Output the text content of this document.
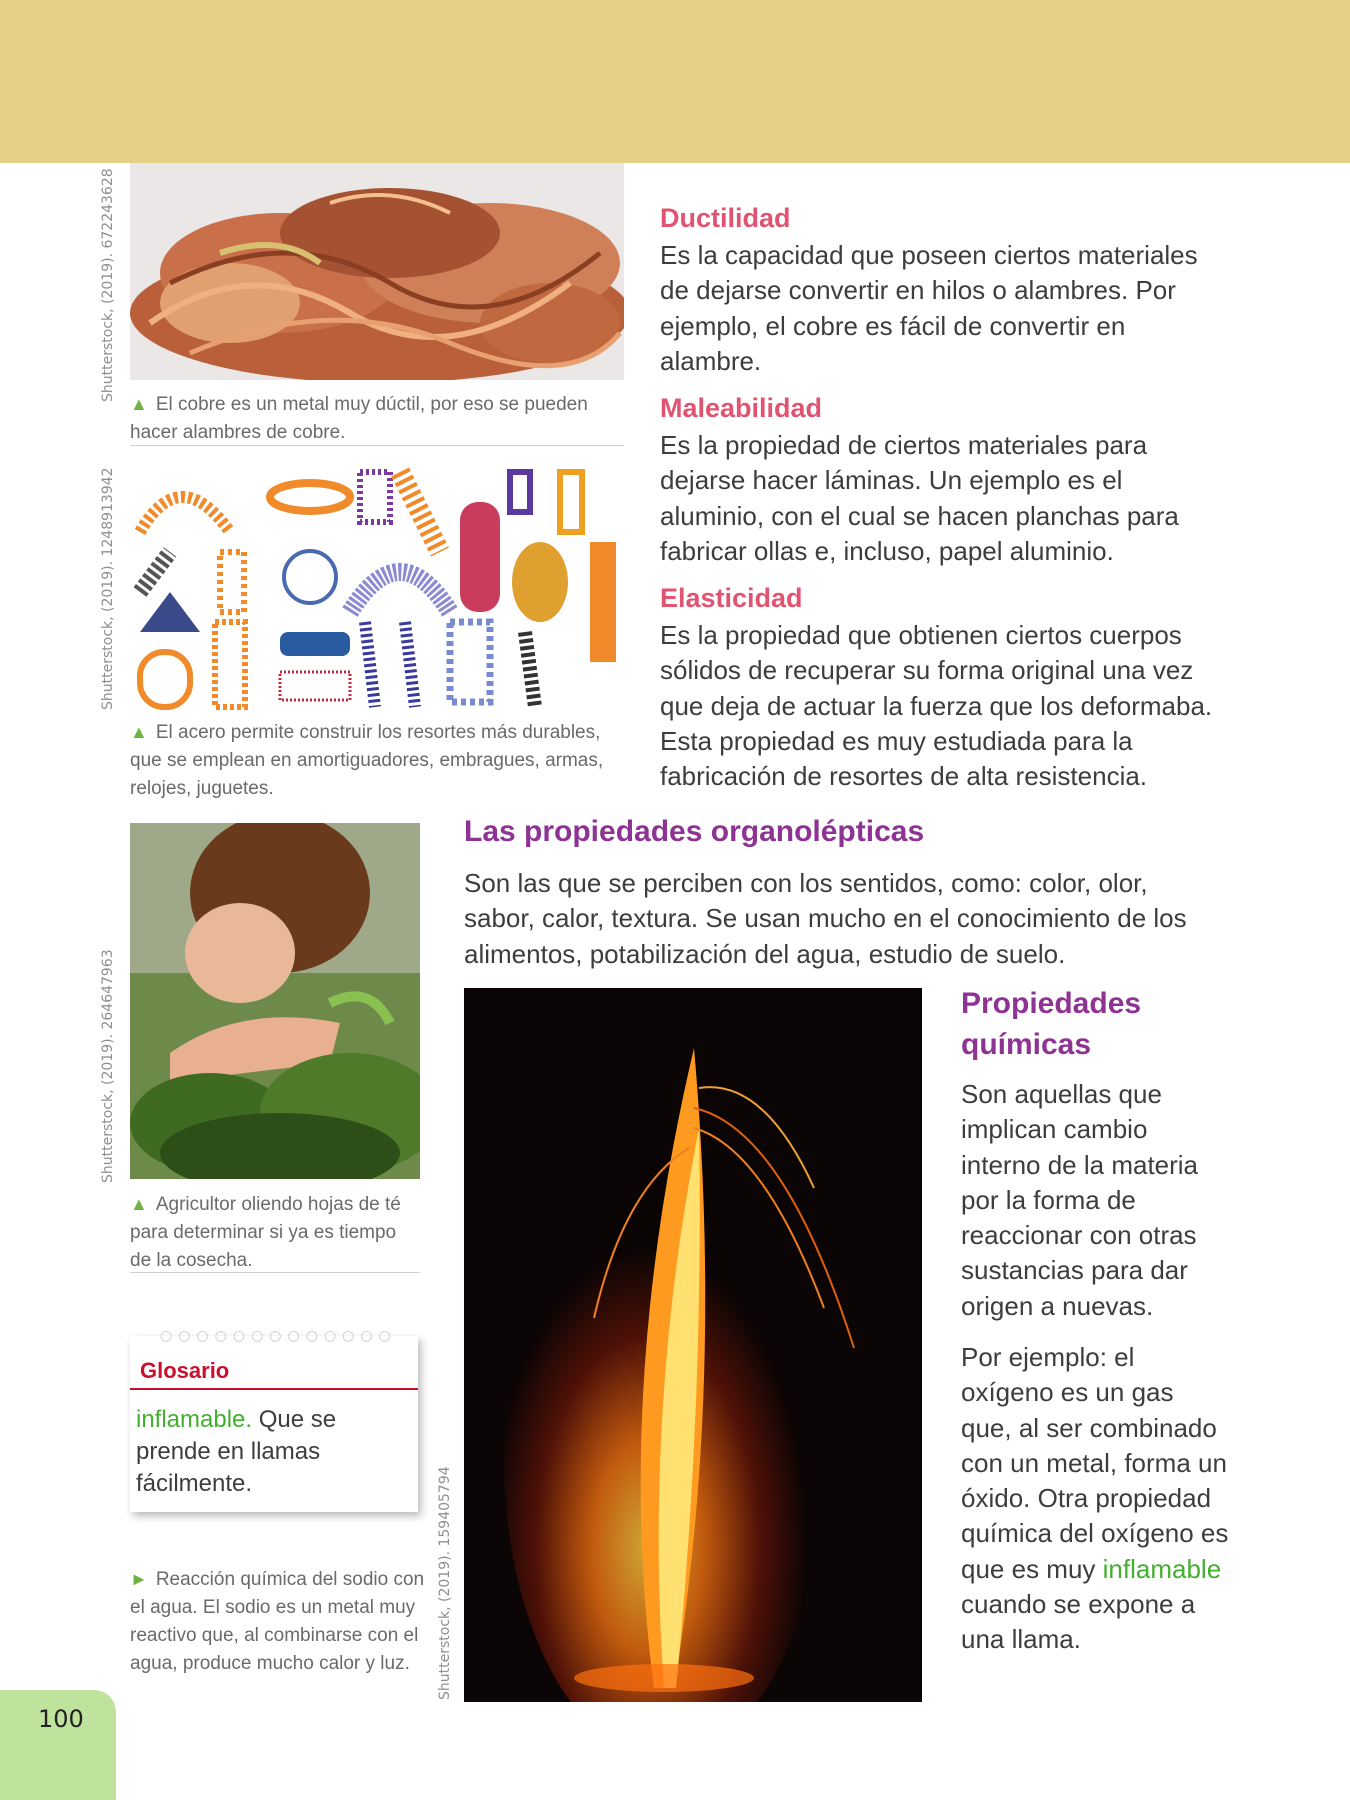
Shutterstock, (2019). 672243628
▲ El cobre es un metal muy dúctil, por eso se pueden hacer alambres de cobre.
Shutterstock, (2019). 1248913942
▲ El acero permite construir los resortes más durables, que se emplean en amortiguadores, embragues, armas, relojes, juguetes.
Shutterstock, (2019). 264647963
▲ Agricultor oliendo hojas de té para determinar si ya es tiempo de la cosecha.
○○○○○○○○○○○○○
Glosario
inflamable. Que se prende en llamas fácilmente.
► Reacción química del sodio con el agua. El sodio es un metal muy reactivo que, al combinarse con el agua, produce mucho calor y luz.	Shutterstock, (2019). 159405794
Ductilidad
Es la capacidad que poseen ciertos materiales de dejarse convertir en hilos o alambres. Por ejemplo, el cobre es fácil de convertir en alambre.
Maleabilidad
Es la propiedad de ciertos materiales para dejarse hacer láminas. Un ejemplo es el aluminio, con el cual se hacen planchas para fabricar ollas e, incluso, papel aluminio.
Elasticidad
Es la propiedad que obtienen ciertos cuerpos sólidos de recuperar su forma original una vez que deja de actuar la fuerza que los deformaba. Esta propiedad es muy estudiada para la fabricación de resortes de alta resistencia.
Las propiedades organolépticas
Son las que se perciben con los sentidos, como: color, olor, sabor, calor, textura. Se usan mucho en el conocimiento de los alimentos, potabilización del agua, estudio de suelo.
Propiedades químicas
Son aquellas que implican cambio interno de la materia por la forma de reaccionar con otras sustancias para dar origen a nuevas.
Por ejemplo: el oxígeno es un gas que, al ser combinado con un metal, forma un óxido. Otra propiedad química del oxígeno es que es muy inflamable cuando se expone a una llama.
100
